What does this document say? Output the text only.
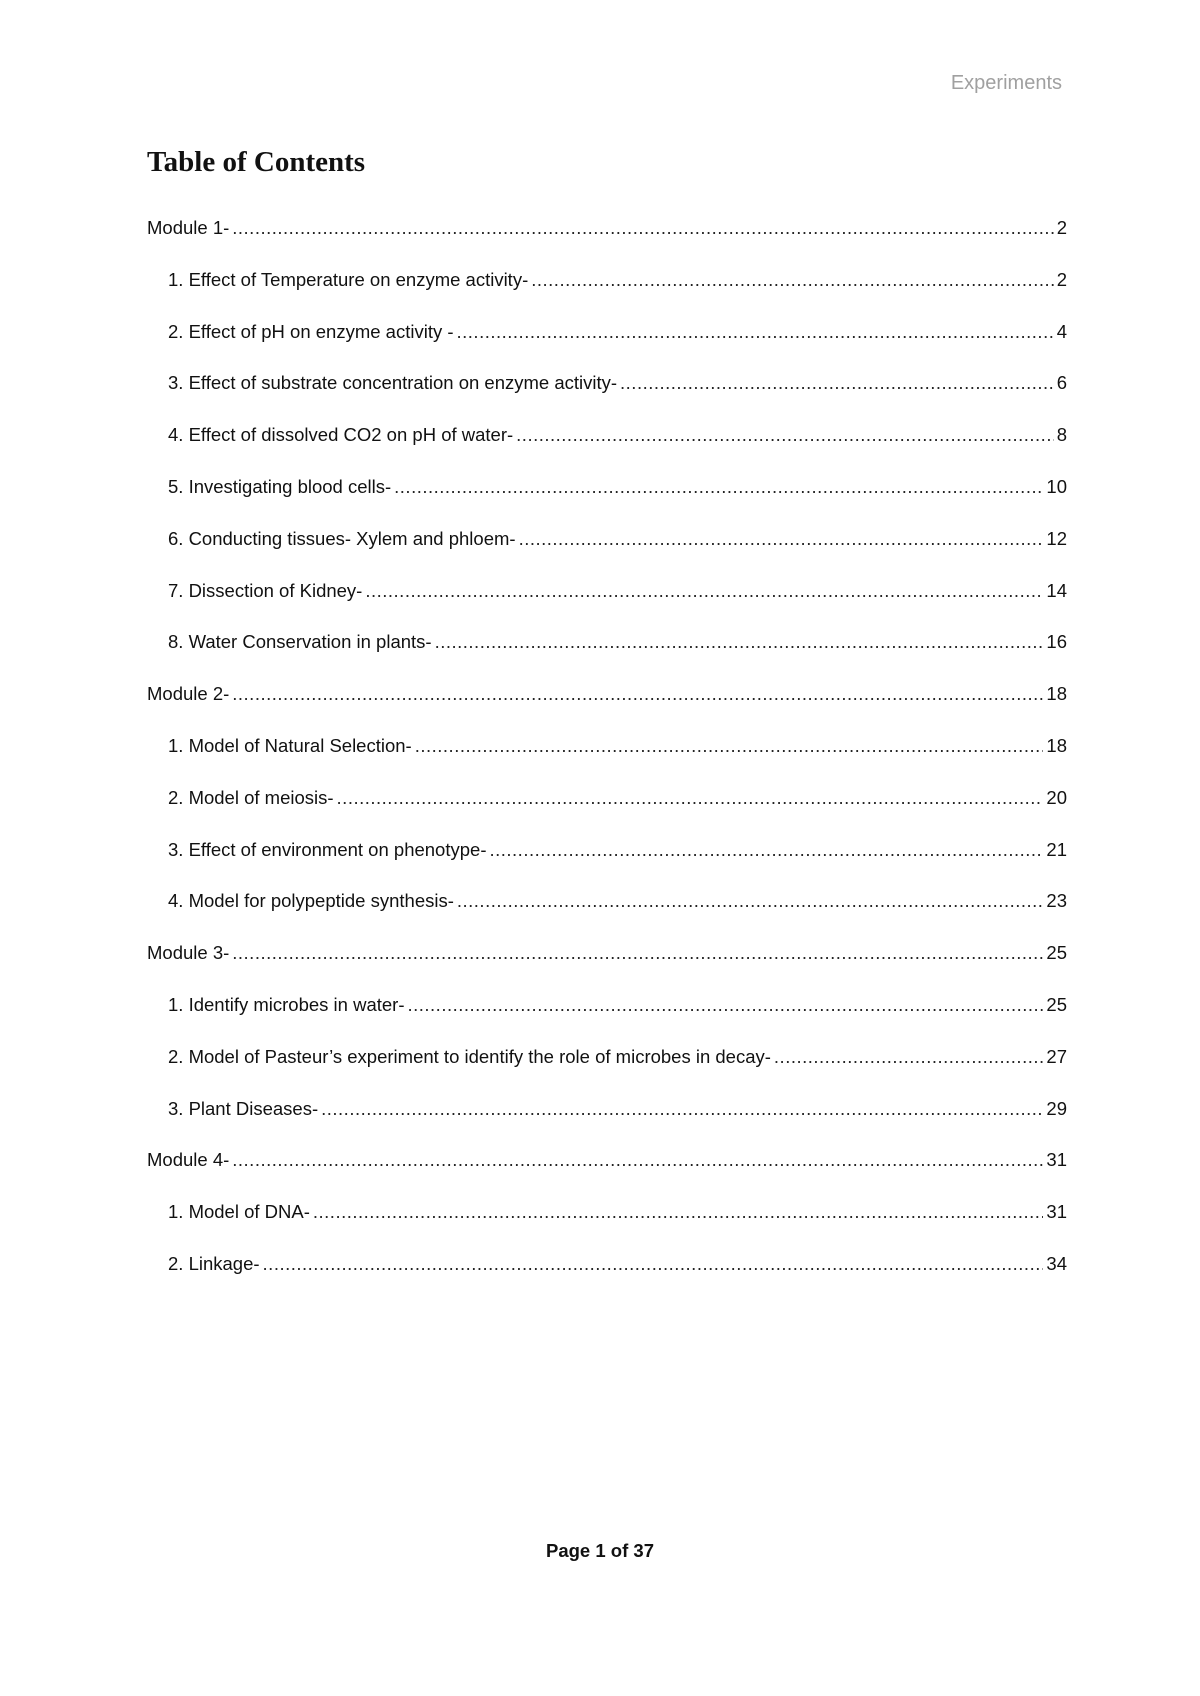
Experiments
Table of Contents
Module 1- .....	2
1. Effect of Temperature on enzyme activity- .....	2
2. Effect of pH on enzyme activity - .....	4
3. Effect of substrate concentration on enzyme activity- .....	6
4. Effect of dissolved CO2 on pH of water- .....	8
5. Investigating blood cells- .....	10
6. Conducting tissues- Xylem and phloem- .....	12
7. Dissection of Kidney- .....	14
8. Water Conservation in plants- .....	16
Module 2- .....	18
1. Model of Natural Selection- .....	18
2. Model of meiosis- .....	20
3. Effect of environment on phenotype- .....	21
4. Model for polypeptide synthesis- .....	23
Module 3- .....	25
1. Identify microbes in water- .....	25
2. Model of Pasteur’s experiment to identify the role of microbes in decay- .....	27
3. Plant Diseases- .....	29
Module 4- .....	31
1. Model of DNA- .....	31
2. Linkage- .....	34
Page 1 of 37
